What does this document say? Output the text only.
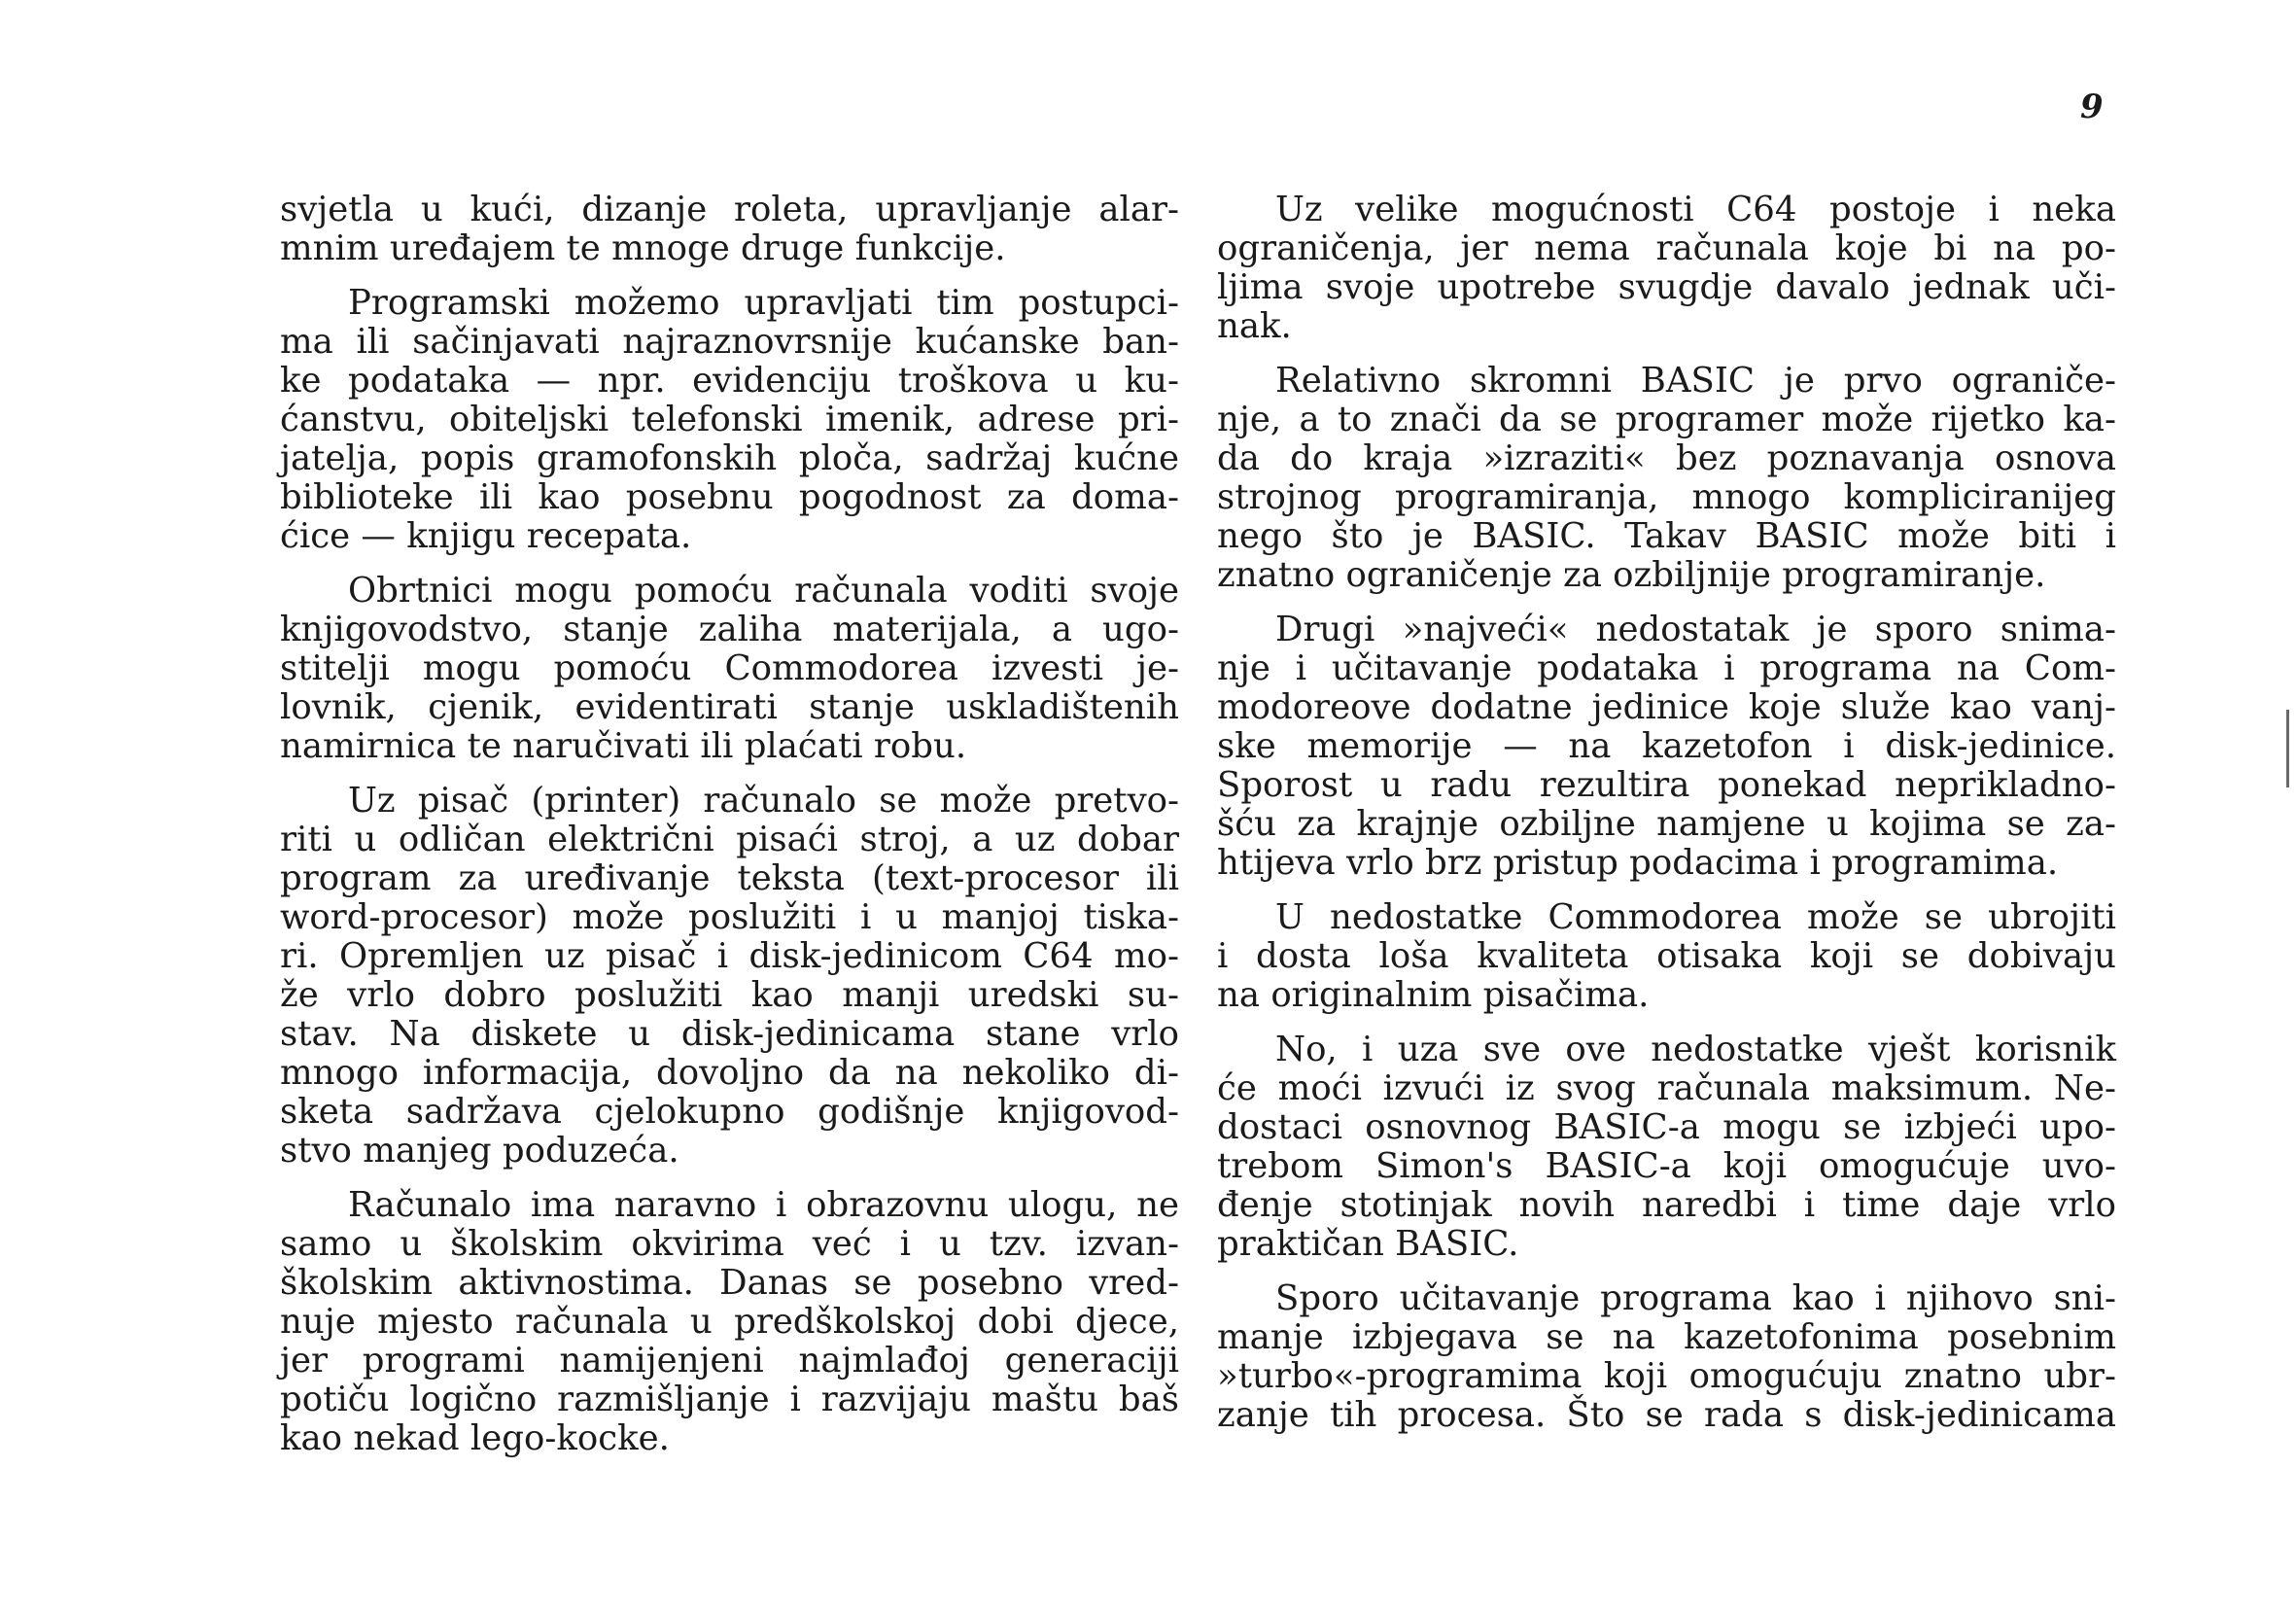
9
svjetla u kući, dizanje roleta, upravljanje alar-
mnim uređajem te mnoge druge funkcije.
Programski možemo upravljati tim postupci-
ma ili sačinjavati najraznovrsnije kućanske ban-
ke podataka — npr. evidenciju troškova u ku-
ćanstvu, obiteljski telefonski imenik, adrese pri-
jatelja, popis gramofonskih ploča, sadržaj kućne
biblioteke ili kao posebnu pogodnost za doma-
ćice — knjigu recepata.
Obrtnici mogu pomoću računala voditi svoje
knjigovodstvo, stanje zaliha materijala, a ugo-
stitelji mogu pomoću Commodorea izvesti je-
lovnik, cjenik, evidentirati stanje uskladištenih
namirnica te naručivati ili plaćati robu.
Uz pisač (printer) računalo se može pretvo-
riti u odličan električni pisaći stroj, a uz dobar
program za uređivanje teksta (text-procesor ili
word-procesor) može poslužiti i u manjoj tiska-
ri. Opremljen uz pisač i disk-jedinicom C64 mo-
že vrlo dobro poslužiti kao manji uredski su-
stav. Na diskete u disk-jedinicama stane vrlo
mnogo informacija, dovoljno da na nekoliko di-
sketa sadržava cjelokupno godišnje knjigovod-
stvo manjeg poduzeća.
Računalo ima naravno i obrazovnu ulogu, ne
samo u školskim okvirima već i u tzv. izvan-
školskim aktivnostima. Danas se posebno vred-
nuje mjesto računala u predškolskoj dobi djece,
jer programi namijenjeni najmlađoj generaciji
potiču logično razmišljanje i razvijaju maštu baš
kao nekad lego-kocke.
Uz velike mogućnosti C64 postoje i neka
ograničenja, jer nema računala koje bi na po-
ljima svoje upotrebe svugdje davalo jednak uči-
nak.
Relativno skromni BASIC je prvo ograniče-
nje, a to znači da se programer može rijetko ka-
da do kraja »izraziti« bez poznavanja osnova
strojnog programiranja, mnogo kompliciranijeg
nego što je BASIC. Takav BASIC može biti i
znatno ograničenje za ozbiljnije programiranje.
Drugi »najveći« nedostatak je sporo snima-
nje i učitavanje podataka i programa na Com-
modoreove dodatne jedinice koje služe kao vanj-
ske memorije — na kazetofon i disk-jedinice.
Sporost u radu rezultira ponekad neprikladno-
šću za krajnje ozbiljne namjene u kojima se za-
htijeva vrlo brz pristup podacima i programima.
U nedostatke Commodorea može se ubrojiti
i dosta loša kvaliteta otisaka koji se dobivaju
na originalnim pisačima.
No, i uza sve ove nedostatke vješt korisnik
će moći izvući iz svog računala maksimum. Ne-
dostaci osnovnog BASIC-a mogu se izbjeći upo-
trebom Simon's BASIC-a koji omogućuje uvo-
đenje stotinjak novih naredbi i time daje vrlo
praktičan BASIC.
Sporo učitavanje programa kao i njihovo sni-
manje izbjegava se na kazetofonima posebnim
»turbo«-programima koji omogućuju znatno ubr-
zanje tih procesa. Što se rada s disk-jedinicama
